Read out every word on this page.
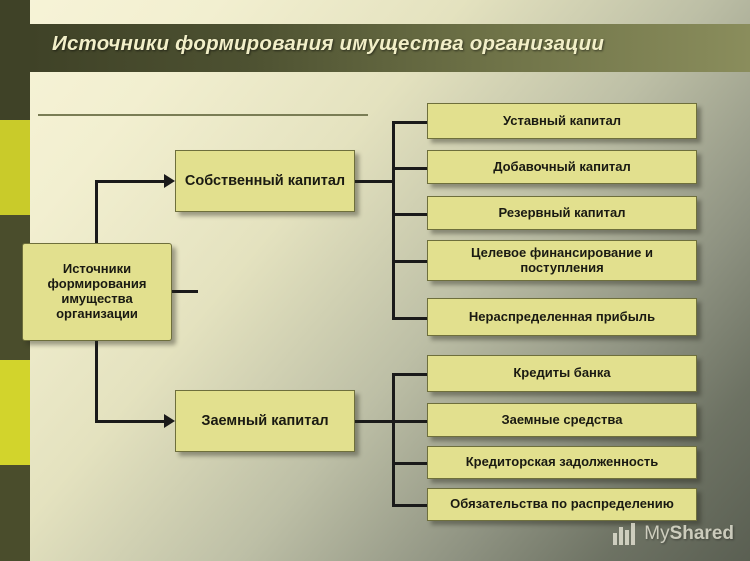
Источники формирования имущества организации
Источники формирования имущества организации
Собственный капитал
Заемный капитал
Уставный капитал
Добавочный капитал
Резервный капитал
Целевое финансирование и поступления
Нераспределенная прибыль
Кредиты банка
Заемные средства
Кредиторская задолженность
Обязательства по распределению
MyShared
